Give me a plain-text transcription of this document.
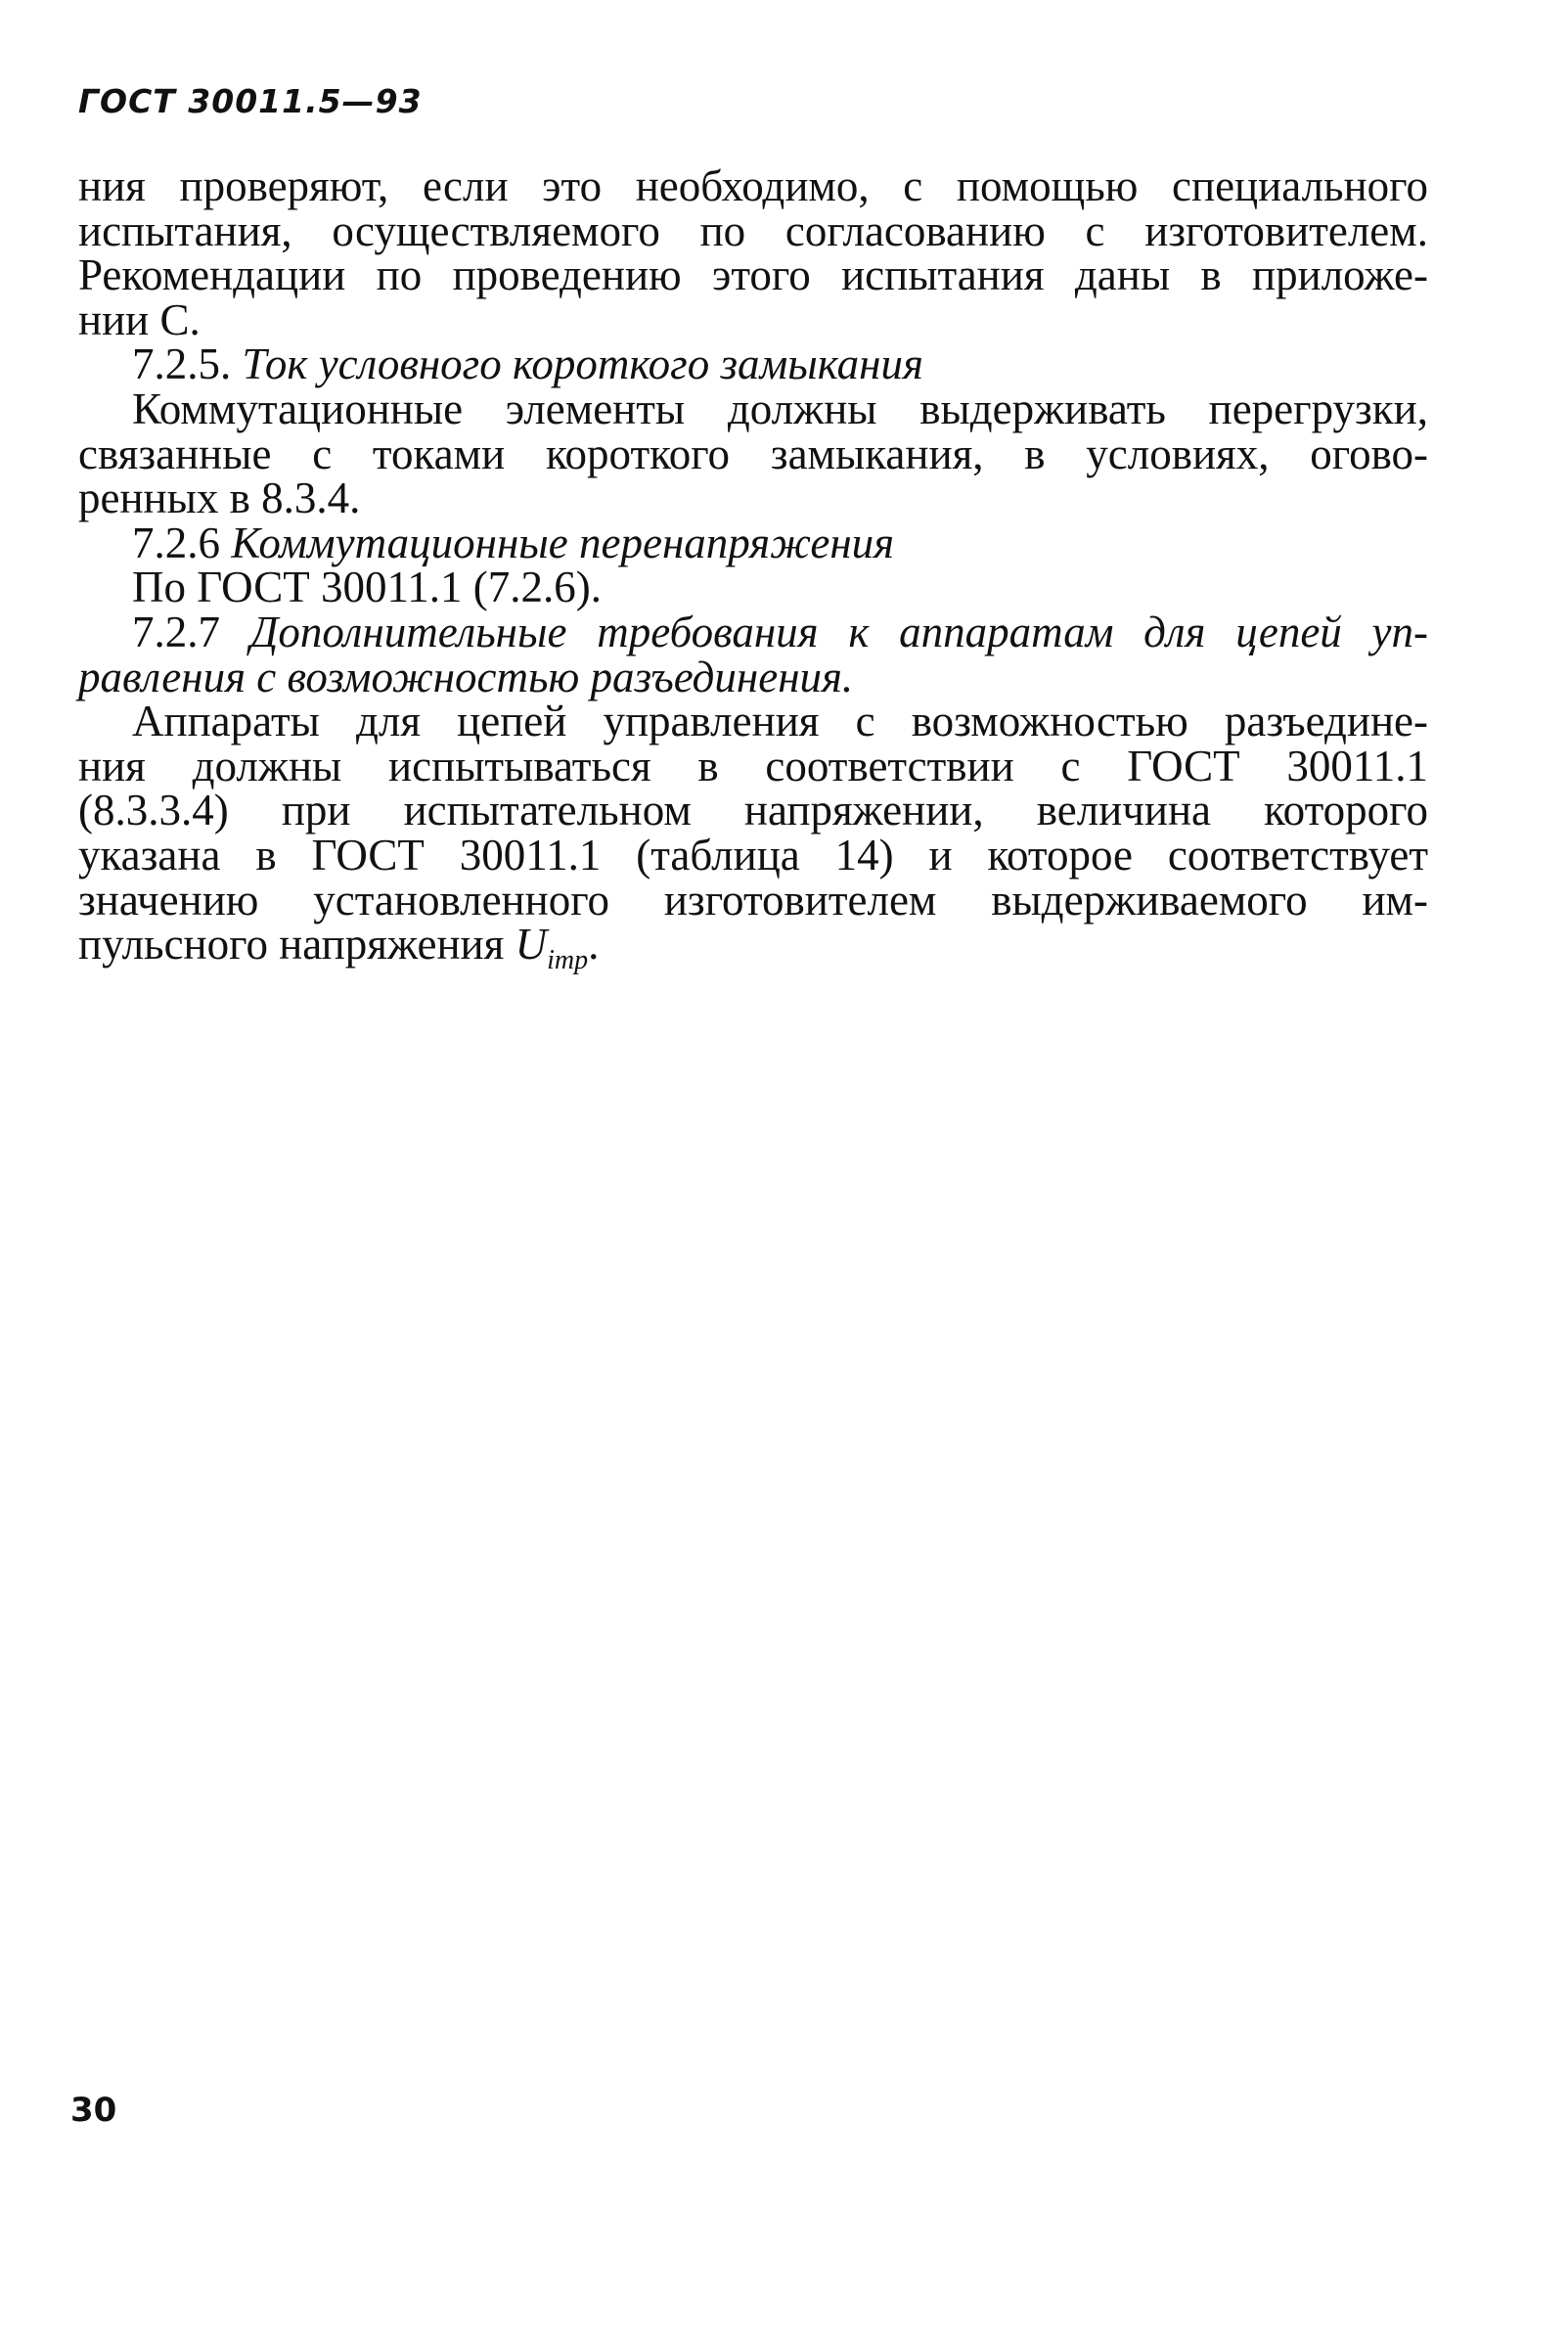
ГОСТ 30011.5—93

ния проверяют, если это необходимо, с помощью специального
испытания, осуществляемого по согласованию с изготовителем.
Рекомендации по проведению этого испытания даны в приложе-
нии С.

7.2.5. Ток условного короткого замыкания

Коммутационные элементы должны выдерживать перегрузки,
связанные с токами короткого замыкания, в условиях, огово-
ренных в 8.3.4.

7.2.6 Коммутационные перенапряжения

По ГОСТ 30011.1 (7.2.6).

7.2.7 Дополнительные требования к аппаратам для цепей уп-
равления с возможностью разъединения.

Аппараты для цепей управления с возможностью разъедине-
ния должны испытываться в соответствии с ГОСТ 30011.1
(8.3.3.4) при испытательном напряжении, величина которого
указана в ГОСТ 30011.1 (таблица 14) и которое соответствует
значению установленного изготовителем выдерживаемого им-
пульсного напряжения $U_{imp}$.

30
